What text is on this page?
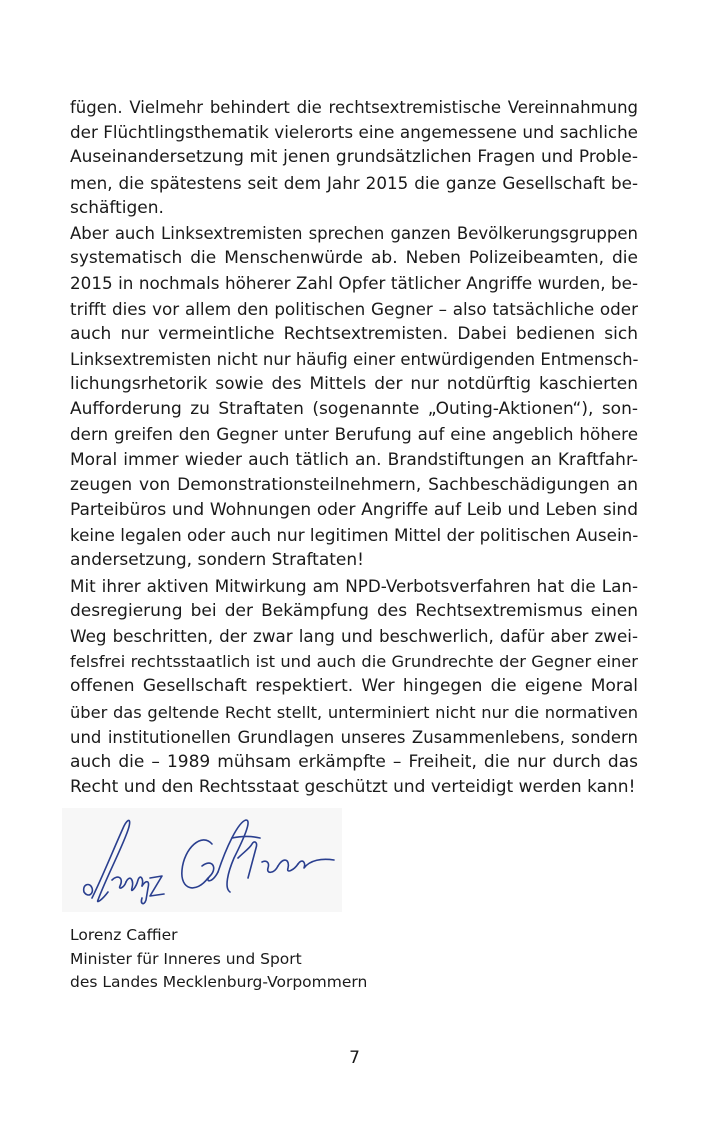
fügen. Vielmehr behindert die rechtsextremistische Vereinnahmung
der Flüchtlingsthematik vielerorts eine angemessene und sachliche
Auseinandersetzung mit jenen grundsätzlichen Fragen und Proble-
men, die spätestens seit dem Jahr 2015 die ganze Gesellschaft be-
schäftigen.
Aber auch Linksextremisten sprechen ganzen Bevölkerungsgruppen
systematisch die Menschenwürde ab. Neben Polizeibeamten, die
2015 in nochmals höherer Zahl Opfer tätlicher Angriffe wurden, be-
trifft dies vor allem den politischen Gegner – also tatsächliche oder
auch nur vermeintliche Rechtsextremisten. Dabei bedienen sich
Linksextremisten nicht nur häufig einer entwürdigenden Entmensch-
lichungsrhetorik sowie des Mittels der nur notdürftig kaschierten
Aufforderung zu Straftaten (sogenannte „Outing-Aktionen“), son-
dern greifen den Gegner unter Berufung auf eine angeblich höhere
Moral immer wieder auch tätlich an. Brandstiftungen an Kraftfahr-
zeugen von Demonstrationsteilnehmern, Sachbeschädigungen an
Parteibüros und Wohnungen oder Angriffe auf Leib und Leben sind
keine legalen oder auch nur legitimen Mittel der politischen Ausein-
andersetzung, sondern Straftaten!
Mit ihrer aktiven Mitwirkung am NPD-Verbotsverfahren hat die Lan-
desregierung bei der Bekämpfung des Rechtsextremismus einen
Weg beschritten, der zwar lang und beschwerlich, dafür aber zwei-
felsfrei rechtsstaatlich ist und auch die Grundrechte der Gegner einer
offenen Gesellschaft respektiert. Wer hingegen die eigene Moral
über das geltende Recht stellt, unterminiert nicht nur die normativen
und institutionellen Grundlagen unseres Zusammenlebens, sondern
auch die – 1989 mühsam erkämpfte – Freiheit, die nur durch das
Recht und den Rechtsstaat geschützt und verteidigt werden kann!
Lorenz Caffier
Minister für Inneres und Sport
des Landes Mecklenburg-Vorpommern
7
